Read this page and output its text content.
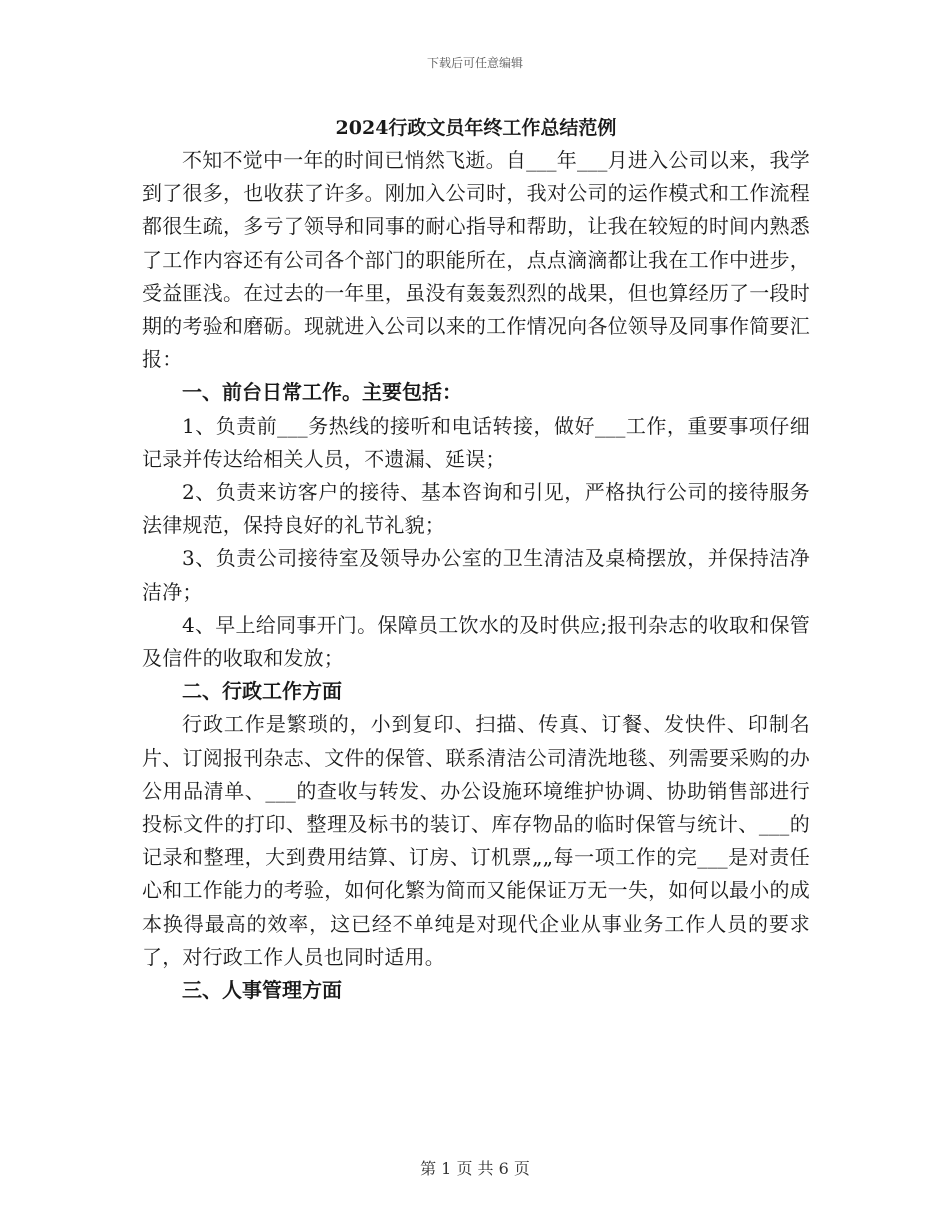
下载后可任意编辑
2024行政文员年终工作总结范例

不知不觉中一年的时间已悄然飞逝。自___年___月进入公司以来，我学到了很多，也收获了许多。刚加入公司时，我对公司的运作模式和工作流程都很生疏，多亏了领导和同事的耐心指导和帮助，让我在较短的时间内熟悉了工作内容还有公司各个部门的职能所在，点点滴滴都让我在工作中进步，受益匪浅。在过去的一年里，虽没有轰轰烈烈的战果，但也算经历了一段时期的考验和磨砺。现就进入公司以来的工作情况向各位领导及同事作简要汇报：

一、前台日常工作。主要包括：

1、负责前___务热线的接听和电话转接，做好___工作，重要事项仔细记录并传达给相关人员，不遗漏、延误；

2、负责来访客户的接待、基本咨询和引见，严格执行公司的接待服务法律规范，保持良好的礼节礼貌；

3、负责公司接待室及领导办公室的卫生清洁及桌椅摆放，并保持洁净洁净；

4、早上给同事开门。保障员工饮水的及时供应;报刊杂志的收取和保管及信件的收取和发放；

二、行政工作方面

行政工作是繁琐的，小到复印、扫描、传真、订餐、发快件、印制名片、订阅报刊杂志、文件的保管、联系清洁公司清洗地毯、列需要采购的办公用品清单、___的查收与转发、办公设施环境维护协调、协助销售部进行投标文件的打印、整理及标书的装订、库存物品的临时保管与统计、___的记录和整理，大到费用结算、订房、订机票„„每一项工作的完___是对责任心和工作能力的考验，如何化繁为简而又能保证万无一失，如何以最小的成本换得最高的效率，这已经不单纯是对现代企业从事业务工作人员的要求了，对行政工作人员也同时适用。

三、人事管理方面

第 1 页 共 6 页
